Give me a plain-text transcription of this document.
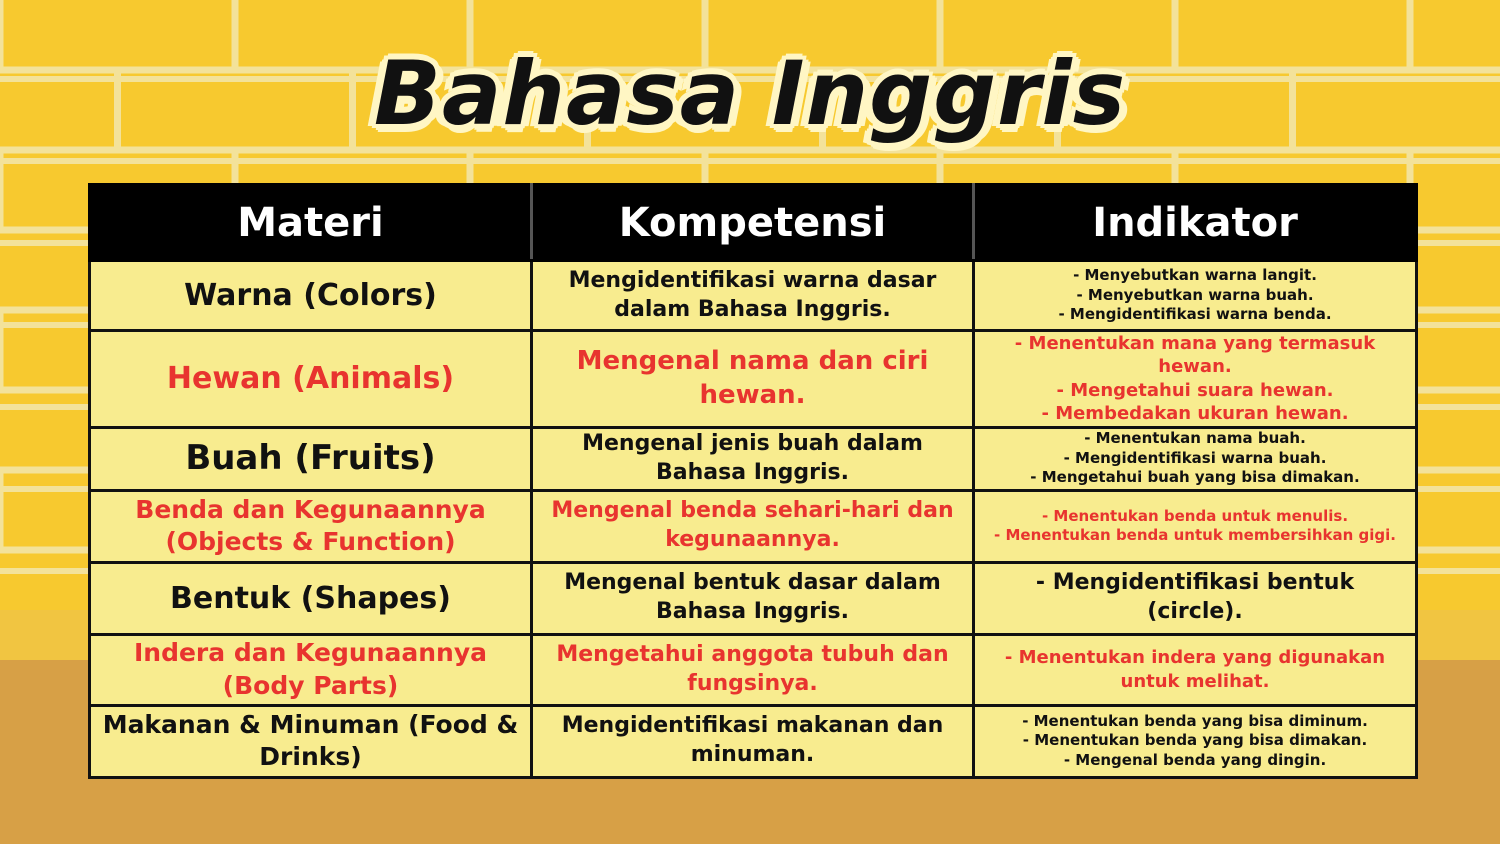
Bahasa Inggris
Materi	Kompetensi	Indikator
Warna (Colors)	Mengidentifikasi warna dasar dalam Bahasa Inggris.	- Menyebutkan warna langit.
- Menyebutkan warna buah.
- Mengidentifikasi warna benda.

Hewan (Animals)	Mengenal nama dan ciri hewan.	- Menentukan mana yang termasuk hewan.
- Mengetahui suara hewan.
- Membedakan ukuran hewan.

Buah (Fruits)	Mengenal jenis buah dalam Bahasa Inggris.	- Menentukan nama buah.
- Mengidentifikasi warna buah.
- Mengetahui buah yang bisa dimakan.

Benda dan Kegunaannya (Objects & Function)	Mengenal benda sehari-hari dan kegunaannya.	- Menentukan benda untuk menulis.
- Menentukan benda untuk membersihkan gigi.

Bentuk (Shapes)	Mengenal bentuk dasar dalam Bahasa Inggris.	- Mengidentifikasi bentuk (circle).

Indera dan Kegunaannya (Body Parts)	Mengetahui anggota tubuh dan fungsinya.	- Menentukan indera yang digunakan untuk melihat.

Makanan & Minuman (Food & Drinks)	Mengidentifikasi makanan dan minuman.	- Menentukan benda yang bisa diminum.
- Menentukan benda yang bisa dimakan.
- Mengenal benda yang dingin.
